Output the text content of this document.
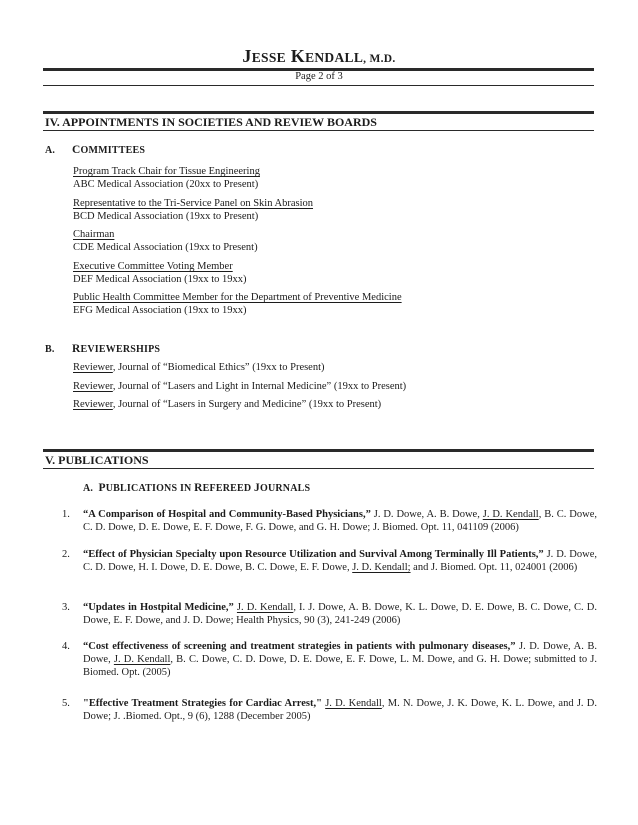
JESSE KENDALL, M.D.
Page 2 of 3
IV. APPOINTMENTS IN SOCIETIES AND REVIEW BOARDS
A. COMMITTEES
Program Track Chair for Tissue Engineering
ABC Medical Association (20xx to Present)
Representative to the Tri-Service Panel on Skin Abrasion
BCD Medical Association (19xx to Present)
Chairman
CDE Medical Association (19xx to Present)
Executive Committee Voting Member
DEF Medical Association (19xx to 19xx)
Public Health Committee Member for the Department of Preventive Medicine
EFG Medical Association (19xx to 19xx)
B. REVIEWERSHIPS
Reviewer, Journal of “Biomedical Ethics” (19xx to Present)
Reviewer, Journal of “Lasers and Light in Internal Medicine” (19xx to Present)
Reviewer, Journal of “Lasers in Surgery and Medicine” (19xx to Present)
V. PUBLICATIONS
A. PUBLICATIONS IN REFEREED JOURNALS
1. “A Comparison of Hospital and Community-Based Physicians,” J. D. Dowe, A. B. Dowe, J. D. Kendall, B. C. Dowe, C. D. Dowe, D. E. Dowe, E. F. Dowe, F. G. Dowe, and G. H. Dowe; J. Biomed. Opt. 11, 041109 (2006)
2. “Effect of Physician Specialty upon Resource Utilization and Survival Among Terminally Ill Patients,” J. D. Dowe, C. D. Dowe, H. I. Dowe, D. E. Dowe, B. C. Dowe, E. F. Dowe, J. D. Kendall; and J. Biomed. Opt. 11, 024001 (2006)
3. “Updates in Hostpital Medicine,” J. D. Kendall, I. J. Dowe, A. B. Dowe, K. L. Dowe, D. E. Dowe, B. C. Dowe, C. D. Dowe, E. F. Dowe, and J. D. Dowe; Health Physics, 90 (3), 241-249 (2006)
4. “Cost effectiveness of screening and treatment strategies in patients with pulmonary diseases,” J. D. Dowe, A. B. Dowe, J. D. Kendall, B. C. Dowe, C. D. Dowe, D. E. Dowe, E. F. Dowe, L. M. Dowe, and G. H. Dowe; submitted to J. Biomed. Opt. (2005)
5. "Effective Treatment Strategies for Cardiac Arrest," J. D. Kendall, M. N. Dowe, J. K. Dowe, K. L. Dowe, and J. D. Dowe; J. .Biomed. Opt., 9 (6), 1288 (December 2005)
